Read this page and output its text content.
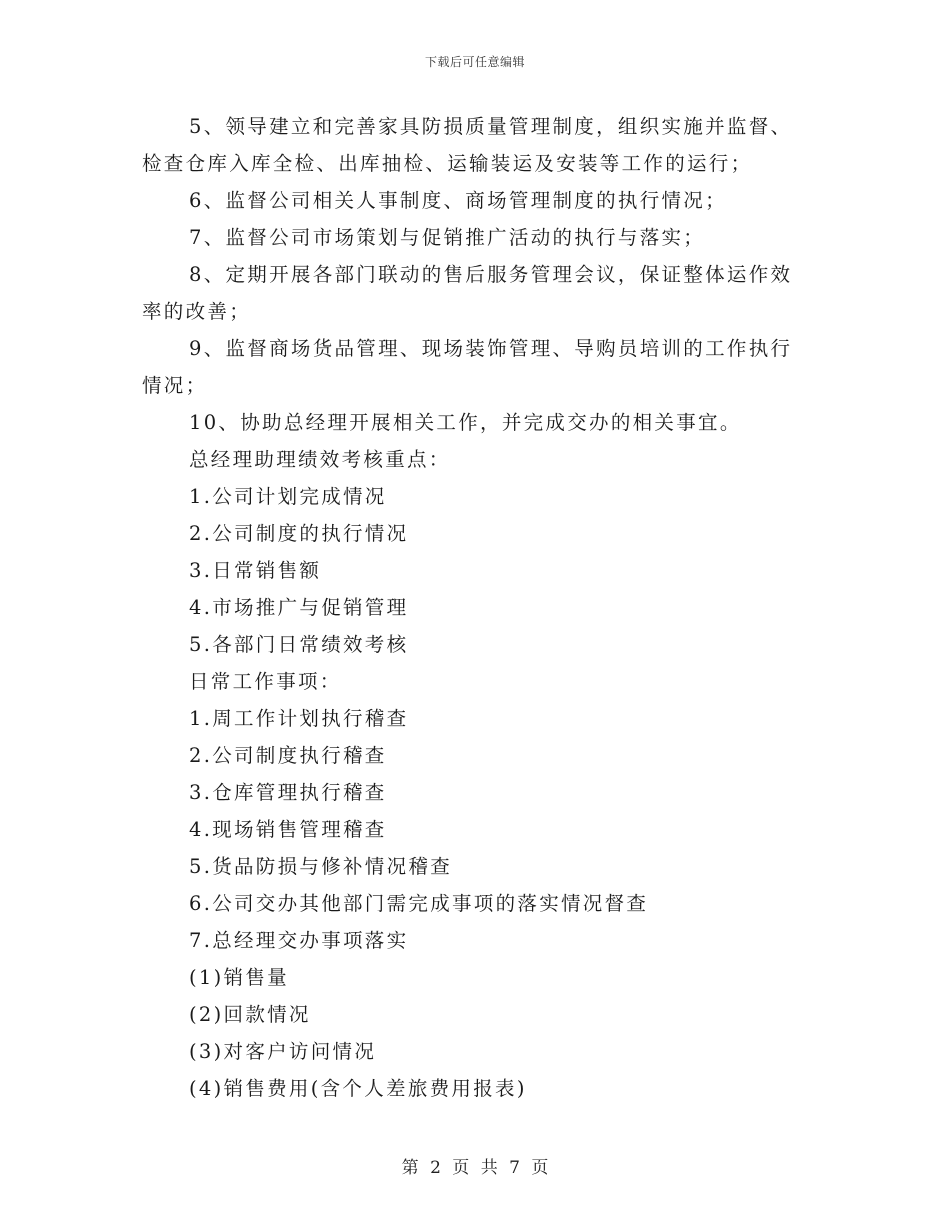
下载后可任意编辑

5、领导建立和完善家具防损质量管理制度，组织实施并监督、检查仓库入库全检、出库抽检、运输装运及安装等工作的运行；

6、监督公司相关人事制度、商场管理制度的执行情况；

7、监督公司市场策划与促销推广活动的执行与落实；

8、定期开展各部门联动的售后服务管理会议，保证整体运作效率的改善；

9、监督商场货品管理、现场装饰管理、导购员培训的工作执行情况；

10、协助总经理开展相关工作，并完成交办的相关事宜。

总经理助理绩效考核重点：

1.公司计划完成情况

2.公司制度的执行情况

3.日常销售额

4.市场推广与促销管理

5.各部门日常绩效考核

日常工作事项：

1.周工作计划执行稽查

2.公司制度执行稽查

3.仓库管理执行稽查

4.现场销售管理稽查

5.货品防损与修补情况稽查

6.公司交办其他部门需完成事项的落实情况督查

7.总经理交办事项落实

(1)销售量

(2)回款情况

(3)对客户访问情况

(4)销售费用(含个人差旅费用报表)

第 2 页 共 7 页
